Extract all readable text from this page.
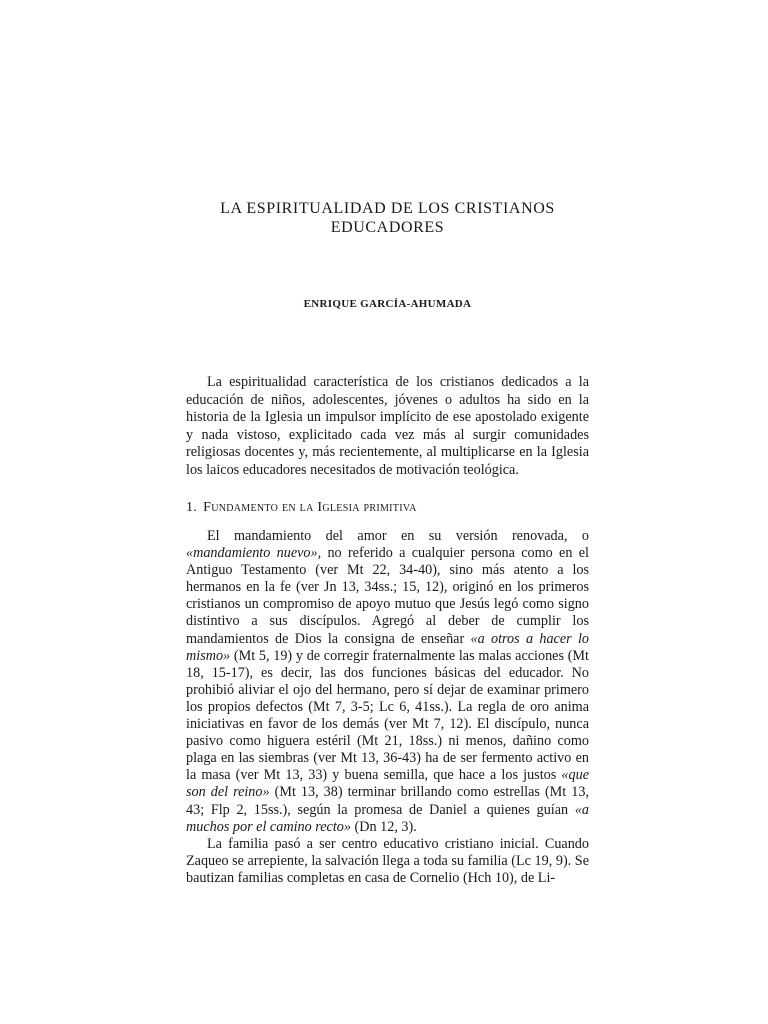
LA ESPIRITUALIDAD DE LOS CRISTIANOS
EDUCADORES
ENRIQUE GARCÍA-AHUMADA

La espiritualidad característica de los cristianos dedicados a la educación de niños, adolescentes, jóvenes o adultos ha sido en la historia de la Iglesia un impulsor implícito de ese apostolado exigente y nada vistoso, explicitado cada vez más al surgir comunidades religiosas docentes y, más recientemente, al multiplicarse en la Iglesia los laicos educadores necesitados de motivación teológica.

1. Fundamento en la Iglesia primitiva

El mandamiento del amor en su versión renovada, o «mandamiento nuevo», no referido a cualquier persona como en el Antiguo Testamento (ver Mt 22, 34-40), sino más atento a los hermanos en la fe (ver Jn 13, 34ss.; 15, 12), originó en los primeros cristianos un compromiso de apoyo mutuo que Jesús legó como signo distintivo a sus discípulos. Agregó al deber de cumplir los mandamientos de Dios la consigna de enseñar «a otros a hacer lo mismo» (Mt 5, 19) y de corregir fraternalmente las malas acciones (Mt 18, 15-17), es decir, las dos funciones básicas del educador. No prohibió aliviar el ojo del hermano, pero sí dejar de examinar primero los propios defectos (Mt 7, 3-5; Lc 6, 41ss.). La regla de oro anima iniciativas en favor de los demás (ver Mt 7, 12). El discípulo, nunca pasivo como higuera estéril (Mt 21, 18ss.) ni menos, dañino como plaga en las siembras (ver Mt 13, 36-43) ha de ser fermento activo en la masa (ver Mt 13, 33) y buena semilla, que hace a los justos «que son del reino» (Mt 13, 38) terminar brillando como estrellas (Mt 13, 43; Flp 2, 15ss.), según la promesa de Daniel a quienes guían «a muchos por el camino recto» (Dn 12, 3).

La familia pasó a ser centro educativo cristiano inicial. Cuando Zaqueo se arrepiente, la salvación llega a toda su familia (Lc 19, 9). Se bautizan familias completas en casa de Cornelio (Hch 10), de Li-
